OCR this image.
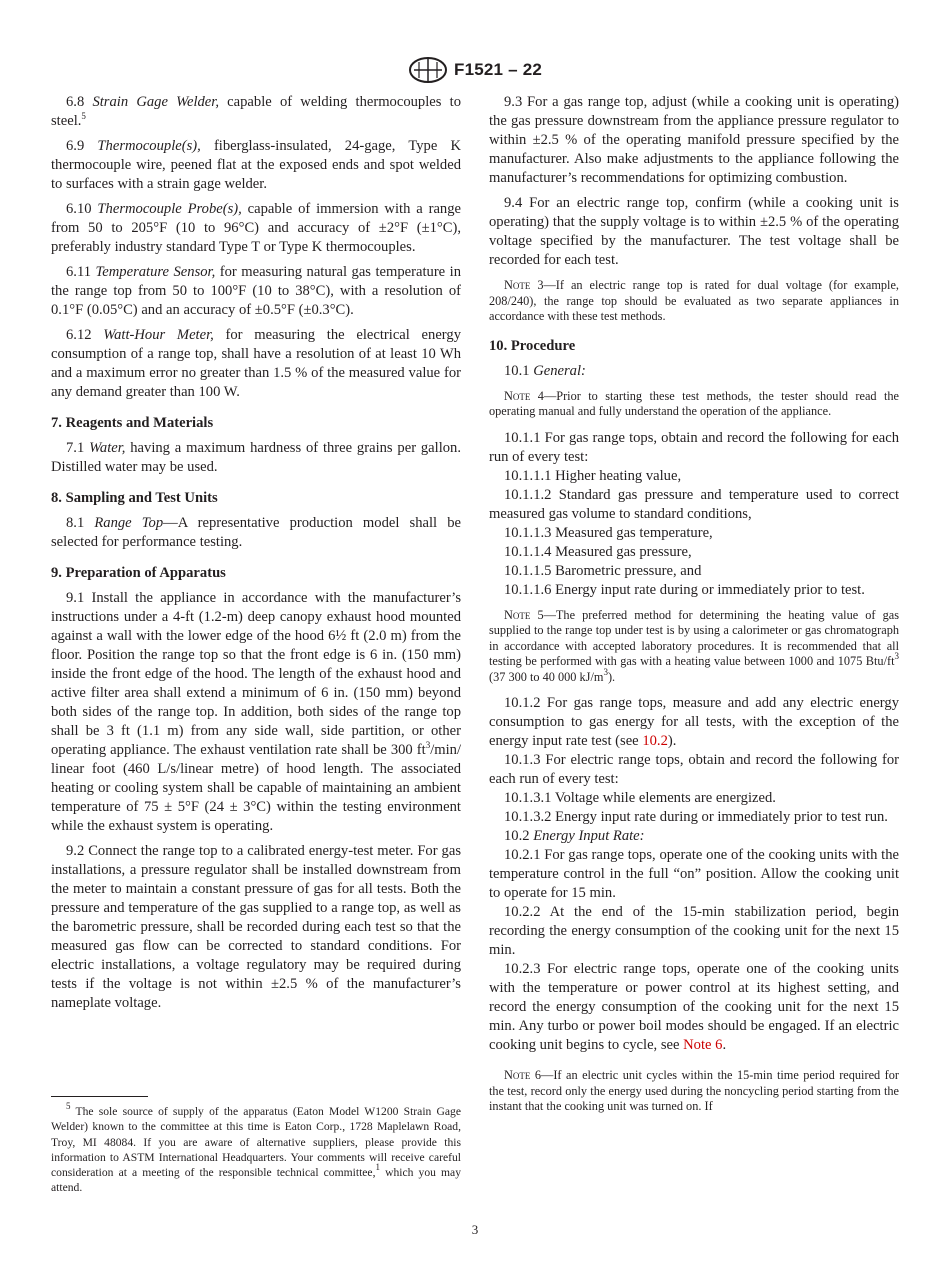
F1521 – 22

6.8 Strain Gage Welder, capable of welding thermocouples to steel.$^5$

6.9 Thermocouple(s), fiberglass-insulated, 24-gage, Type K thermocouple wire, peened flat at the exposed ends and spot welded to surfaces with a strain gage welder.

6.10 Thermocouple Probe(s), capable of immersion with a range from 50 to 205°F (10 to 96°C) and accuracy of ±2°F (±1°C), preferably industry standard Type T or Type K thermocouples.

6.11 Temperature Sensor, for measuring natural gas temperature in the range top from 50 to 100°F (10 to 38°C), with a resolution of 0.1°F (0.05°C) and an accuracy of ±0.5°F (±0.3°C).

6.12 Watt-Hour Meter, for measuring the electrical energy consumption of a range top, shall have a resolution of at least 10 Wh and a maximum error no greater than 1.5 % of the measured value for any demand greater than 100 W.

7. Reagents and Materials

7.1 Water, having a maximum hardness of three grains per gallon. Distilled water may be used.

8. Sampling and Test Units

8.1 Range Top—A representative production model shall be selected for performance testing.

9. Preparation of Apparatus

9.1 Install the appliance in accordance with the manufacturer’s instructions under a 4-ft (1.2-m) deep canopy exhaust hood mounted against a wall with the lower edge of the hood 6½ ft (2.0 m) from the floor. Position the range top so that the front edge is 6 in. (150 mm) inside the front edge of the hood. The length of the exhaust hood and active filter area shall extend a minimum of 6 in. (150 mm) beyond both sides of the range top. In addition, both sides of the range top shall be 3 ft (1.1 m) from any side wall, side partition, or other operating appliance. The exhaust ventilation rate shall be 300 $ft^3/\min/$ linear foot (460 L/s/linear metre) of hood length. The associated heating or cooling system shall be capable of maintaining an ambient temperature of 75 ± 5°F (24 ± 3°C) within the testing environment while the exhaust system is operating.

9.2 Connect the range top to a calibrated energy-test meter. For gas installations, a pressure regulator shall be installed downstream from the meter to maintain a constant pressure of gas for all tests. Both the pressure and temperature of the gas supplied to a range top, as well as the barometric pressure, shall be recorded during each test so that the measured gas flow can be corrected to standard conditions. For electric installations, a voltage regulatory may be required during tests if the voltage is not within ±2.5 % of the manufacturer’s nameplate voltage.

9.3 For a gas range top, adjust (while a cooking unit is operating) the gas pressure downstream from the appliance pressure regulator to within ±2.5 % of the operating manifold pressure specified by the manufacturer. Also make adjustments to the appliance following the manufacturer’s recommendations for optimizing combustion.

9.4 For an electric range top, confirm (while a cooking unit is operating) that the supply voltage is to within ±2.5 % of the operating voltage specified by the manufacturer. The test voltage shall be recorded for each test.

Note 3—If an electric range top is rated for dual voltage (for example, 208/240), the range top should be evaluated as two separate appliances in accordance with these test methods.
10. Procedure

10.1 General:

Note 4—Prior to starting these test methods, the tester should read the operating manual and fully understand the operation of the appliance.

10.1.1 For gas range tops, obtain and record the following for each run of every test:

10.1.1.1 Higher heating value,

10.1.1.2 Standard gas pressure and temperature used to correct measured gas volume to standard conditions,

10.1.1.3 Measured gas temperature,

10.1.1.4 Measured gas pressure,

10.1.1.5 Barometric pressure, and

10.1.1.6 Energy input rate during or immediately prior to test.

Note 5—The preferred method for determining the heating value of gas supplied to the range top under test is by using a calorimeter or gas chromatograph in accordance with accepted laboratory procedures. It is recommended that all testing be performed with gas with a heating value between 1000 and 1075 Btu/$ft^3$ (37 300 to 40 000 $kJ/m^3$).

10.1.2 For gas range tops, measure and add any electric energy consumption to gas energy for all tests, with the exception of the energy input rate test (see 10.2).

10.1.3 For electric range tops, obtain and record the following for each run of every test:

10.1.3.1 Voltage while elements are energized.

10.1.3.2 Energy input rate during or immediately prior to test run.

10.2 Energy Input Rate:

10.2.1 For gas range tops, operate one of the cooking units with the temperature control in the full “on” position. Allow the cooking unit to operate for 15 min.

10.2.2 At the end of the 15-min stabilization period, begin recording the energy consumption of the cooking unit for the next 15 min.

10.2.3 For electric range tops, operate one of the cooking units with the temperature or power control at its highest setting, and record the energy consumption of the cooking unit for the next 15 min. Any turbo or power boil modes should be engaged. If an electric cooking unit begins to cycle, see Note 6.

Note 6—If an electric unit cycles within the 15-min time period required for the test, record only the energy used during the noncycling period starting from the instant that the cooking unit was turned on. If

$^5$ The sole source of supply of the apparatus (Eaton Model W1200 Strain Gage Welder) known to the committee at this time is Eaton Corp., 1728 Maplelawn Road, Troy, MI 48084. If you are aware of alternative suppliers, please provide this information to ASTM International Headquarters. Your comments will receive careful consideration at a meeting of the responsible technical committee,$^1$ which you may attend.

3
